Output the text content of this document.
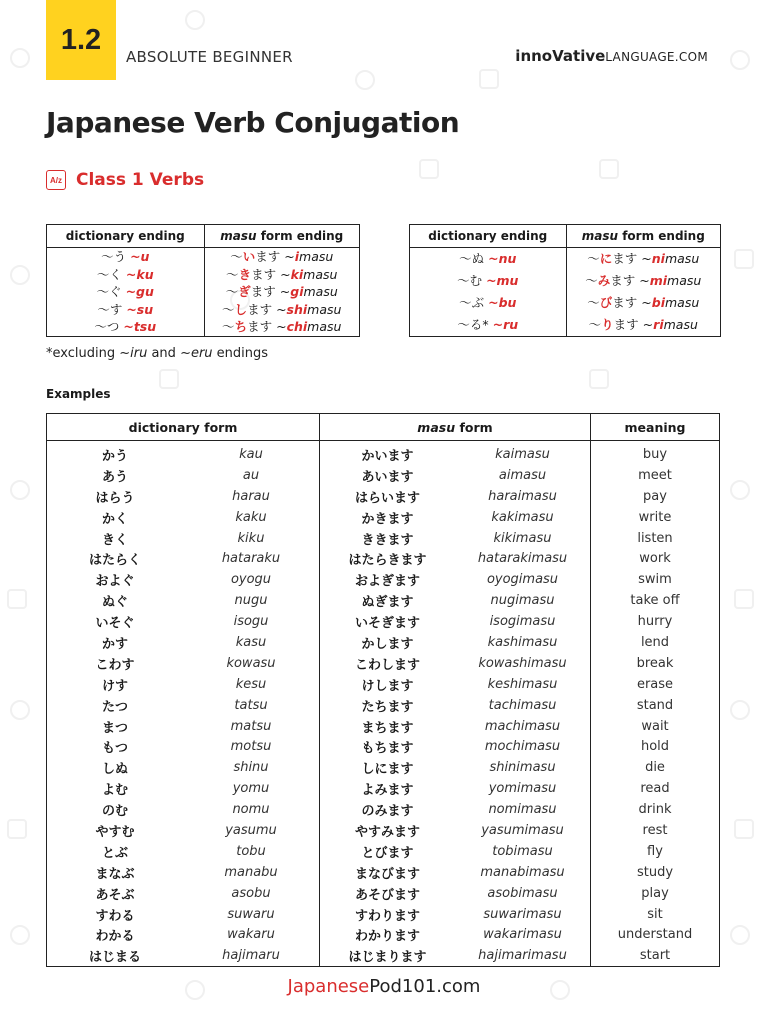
1.2
ABSOLUTE BEGINNER	innoVativeLANGUAGE.COM
Japanese Verb Conjugation
A/z Class 1 Verbs
dictionary ending	masu form ending
～う ~u	～います ~imasu
～く ~ku	～きます ~kimasu
～ぐ ~gu	～ぎます ~gimasu
～す ~su	～します ~shimasu
～つ ~tsu	～ちます ~chimasu
dictionary ending	masu form ending
～ぬ ~nu	～にます ~nimasu
～む ~mu	～みます ~mimasu
～ぶ ~bu	～びます ~bimasu
～る* ~ru	～ります ~rimasu
*excluding ~iru and ~eru endings
Examples
dictionary form		masu form		meaning
かう	kau	かいます	kaimasu	buy
あう	au	あいます	aimasu	meet
はらう	harau	はらいます	haraimasu	pay
かく	kaku	かきます	kakimasu	write
きく	kiku	ききます	kikimasu	listen
はたらく	hataraku	はたらきます	hatarakimasu	work
およぐ	oyogu	およぎます	oyogimasu	swim
ぬぐ	nugu	ぬぎます	nugimasu	take off
いそぐ	isogu	いそぎます	isogimasu	hurry
かす	kasu	かします	kashimasu	lend
こわす	kowasu	こわします	kowashimasu	break
けす	kesu	けします	keshimasu	erase
たつ	tatsu	たちます	tachimasu	stand
まつ	matsu	まちます	machimasu	wait
もつ	motsu	もちます	mochimasu	hold
しぬ	shinu	しにます	shinimasu	die
よむ	yomu	よみます	yomimasu	read
のむ	nomu	のみます	nomimasu	drink
やすむ	yasumu	やすみます	yasumimasu	rest
とぶ	tobu	とびます	tobimasu	fly
まなぶ	manabu	まなびます	manabimasu	study
あそぶ	asobu	あそびます	asobimasu	play
すわる	suwaru	すわります	suwarimasu	sit
わかる	wakaru	わかります	wakarimasu	understand
はじまる	hajimaru	はじまります	hajimarimasu	start
JapanesePod101.com
